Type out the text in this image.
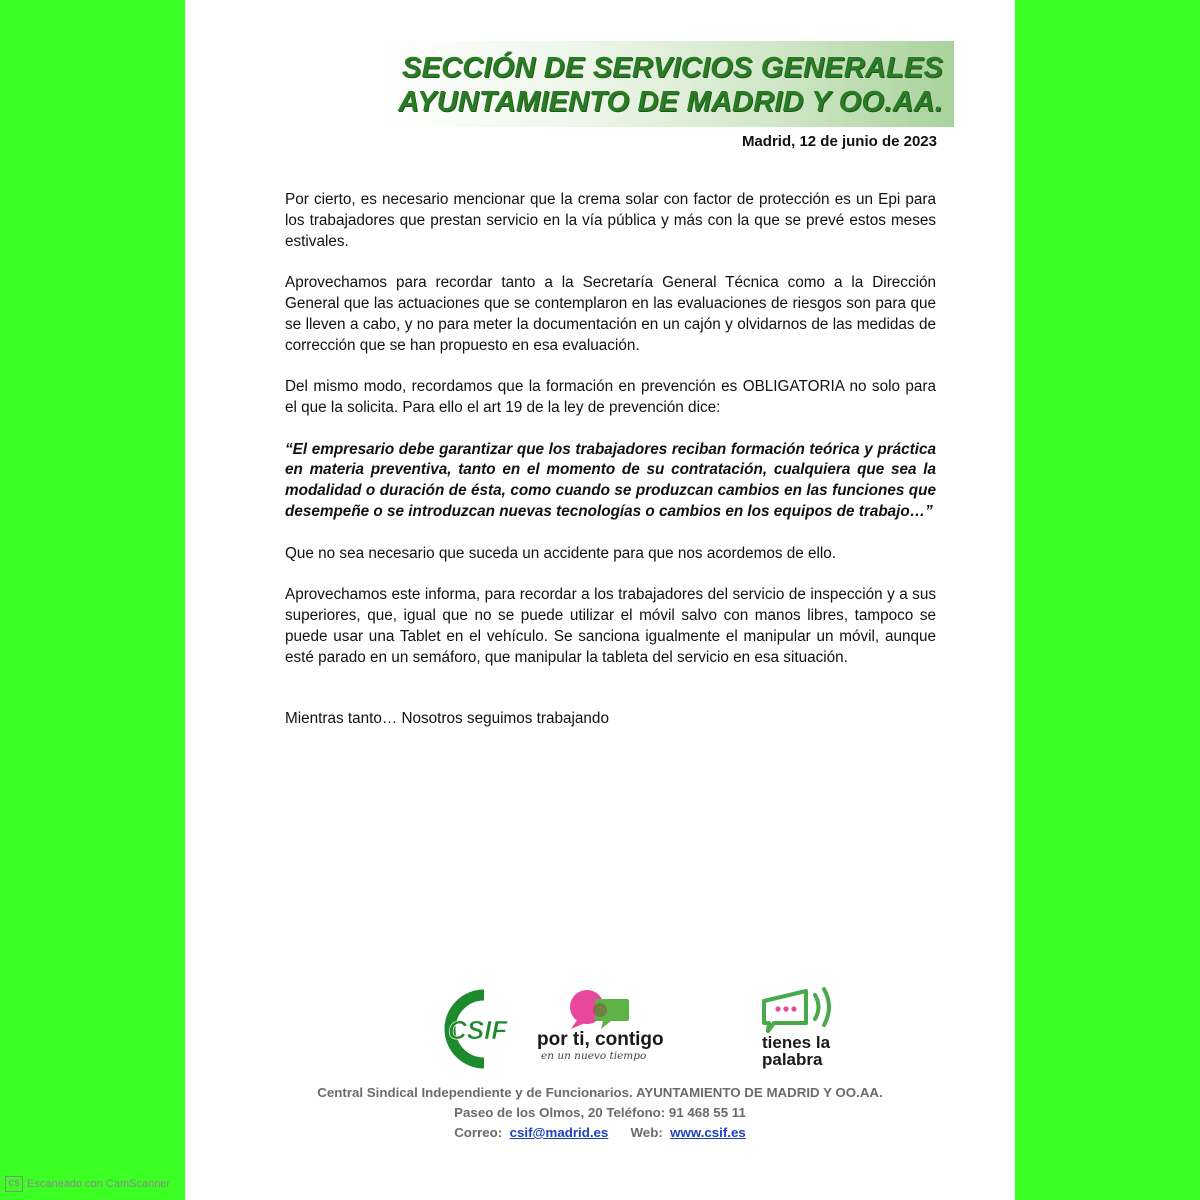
SECCIÓN DE SERVICIOS GENERALES
AYUNTAMIENTO DE MADRID Y OO.AA.
Madrid, 12 de junio de 2023

Por cierto, es necesario mencionar que la crema solar con factor de protección es un Epi para los trabajadores que prestan servicio en la vía pública y más con la que se prevé estos meses estivales.

Aprovechamos para recordar tanto a la Secretaría General Técnica como a la Dirección General que las actuaciones que se contemplaron en las evaluaciones de riesgos son para que se lleven a cabo, y no para meter la documentación en un cajón y olvidarnos de las medidas de corrección que se han propuesto en esa evaluación.

Del mismo modo, recordamos que la formación en prevención es OBLIGATORIA no solo para el que la solicita. Para ello el art 19 de la ley de prevención dice:

“El empresario debe garantizar que los trabajadores reciban formación teórica y práctica en materia preventiva, tanto en el momento de su contratación, cualquiera que sea la modalidad o duración de ésta, como cuando se produzcan cambios en las funciones que desempeñe o se introduzcan nuevas tecnologías o cambios en los equipos de trabajo…”

Que no sea necesario que suceda un accidente para que nos acordemos de ello.

Aprovechamos este informa, para recordar a los trabajadores del servicio de inspección y a sus superiores, que, igual que no se puede utilizar el móvil salvo con manos libres, tampoco se puede usar una Tablet en el vehículo. Se sanciona igualmente el manipular un móvil, aunque esté parado en un semáforo, que manipular la tableta del servicio en esa situación.

Mientras tanto… Nosotros seguimos trabajando

CSIF por ti, contigo
en un nuevo tiempo
tienes la
palabra
Central Sindical Independiente y de Funcionarios. AYUNTAMIENTO DE MADRID Y OO.AA.
Paseo de los Olmos, 20 Teléfono: 91 468 55 11
Correo: csif@madrid.es Web: www.csif.es
CS Escaneado con CamScanner
